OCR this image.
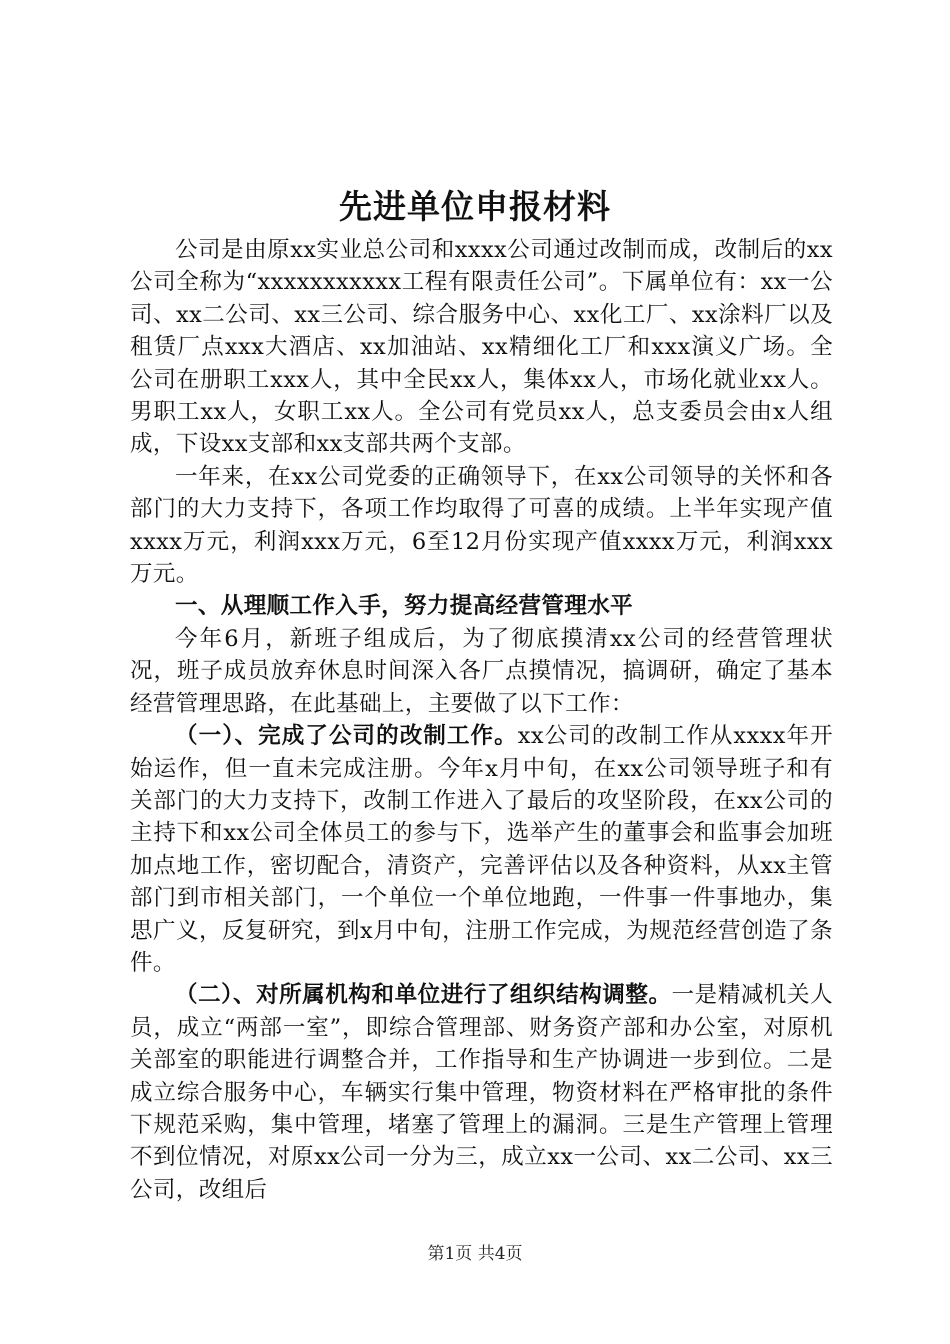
先进单位申报材料

公司是由原xx实业总公司和xxxx公司通过改制而成，改制后的xx公司全称为“xxxxxxxxxxx工程有限责任公司”。下属单位有：xx一公司、xx二公司、xx三公司、综合服务中心、xx化工厂、xx涂料厂以及租赁厂点xxx大酒店、xx加油站、xx精细化工厂和xxx演义广场。全公司在册职工xxx人，其中全民xx人，集体xx人，市场化就业xx人。男职工xx人，女职工xx人。全公司有党员xx人，总支委员会由x人组成，下设xx支部和xx支部共两个支部。

一年来，在xx公司党委的正确领导下，在xx公司领导的关怀和各部门的大力支持下，各项工作均取得了可喜的成绩。上半年实现产值xxxx万元，利润xxx万元，6至12月份实现产值xxxx万元，利润xxx万元。

一、从理顺工作入手，努力提高经营管理水平

今年6月，新班子组成后，为了彻底摸清xx公司的经营管理状况，班子成员放弃休息时间深入各厂点摸情况，搞调研，确定了基本经营管理思路，在此基础上，主要做了以下工作：

（一）、完成了公司的改制工作。xx公司的改制工作从xxxx年开始运作，但一直未完成注册。今年x月中旬，在xx公司领导班子和有关部门的大力支持下，改制工作进入了最后的攻坚阶段，在xx公司的主持下和xx公司全体员工的参与下，选举产生的董事会和监事会加班加点地工作，密切配合，清资产，完善评估以及各种资料，从xx主管部门到市相关部门，一个单位一个单位地跑，一件事一件事地办，集思广义，反复研究，到x月中旬，注册工作完成，为规范经营创造了条件。

（二）、对所属机构和单位进行了组织结构调整。一是精减机关人员，成立“两部一室”，即综合管理部、财务资产部和办公室，对原机关部室的职能进行调整合并，工作指导和生产协调进一步到位。二是成立综合服务中心，车辆实行集中管理，物资材料在严格审批的条件下规范采购，集中管理，堵塞了管理上的漏洞。三是生产管理上管理不到位情况，对原xx公司一分为三，成立xx一公司、xx二公司、xx三公司，改组后

第1页 共4页
